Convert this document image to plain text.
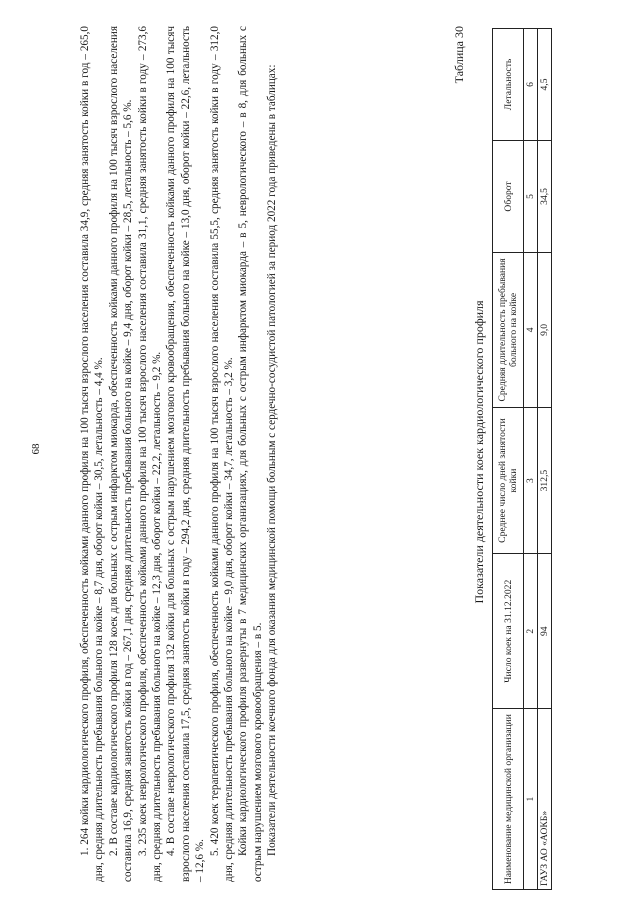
68	1. 264 койки кардиологического профиля, обеспеченность койками данного профиля на 100 тысяч взрослого населения составила 34,9, средняя занятость койки в год – 265,0 дня, средняя длительность пребывания больного на койке – 8,7 дня, оборот койки – 30,5, летальность – 4,4 %. 2. В составе кардиологического профиля 128 коек для больных с острым инфарктом миокарда, обеспеченность койками данного профиля на 100 тысяч взрослого населения составила 16,9, средняя занятость койки в год – 267,1 дня, средняя длительность пребывания больного на койке – 9,4 дня, оборот койки – 28,5, летальность – 5,6 %. 3. 235 коек неврологического профиля, обеспеченность койками данного профиля на 100 тысяч взрослого населения составила 31,1, средняя занятость койки в году – 273,6 дня, средняя длительность пребывания больного на койке – 12,3 дня, оборот койки – 22,2, летальность – 9,2 %. 4. В составе неврологического профиля 132 койки для больных с острым нарушением мозгового кровообращения, обеспеченность койками данного профиля на 100 тысяч взрослого населения составила 17,5, средняя занятость койки в году – 294,2 дня, средняя длительность пребывания больного на койке – 13,0 дня, оборот койки – 22,6, летальность – 12,6 %.

5. 420 коек терапевтического профиля, обеспеченность койками данного профиля на 100 тысяч взрослого населения составила 55,5, средняя занятость койки в году – 312,0 дня, средняя длительность пребывания больного на койке – 9,0 дня, оборот койки – 34,7, летальность – 3,2 %. Койки кардиологического профиля развернуты в 7 медицинских организациях, для больных с острым инфарктом миокарда – в 5, неврологического – в 8, для больных с острым нарушением мозгового кровообращения – в 5. Показатели деятельности коечного фонда для оказания медицинской помощи больным с сердечно-сосудистой патологией за период 2022 года приведены в таблицах:

Таблица 30
Показатели деятельности коек кардиологического профиля
Наименование медицинской организации	Число коек на 31.12.2022	Среднее число дней занятости койки	Средняя длительность пребывания больного на койке	Оборот	Летальность
1	2	3	4	5	6
ГАУЗ АО «АОКБ»	94	312,5	9,0	34,5	4,5
